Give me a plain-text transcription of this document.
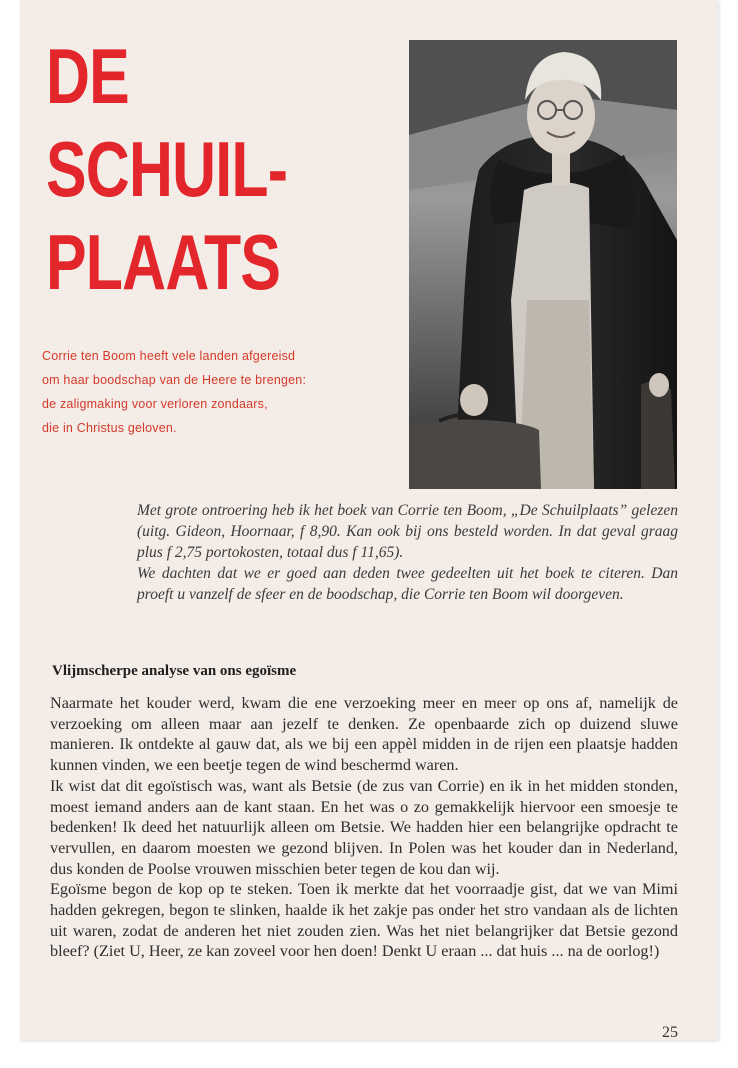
DE
SCHUIL-
PLAATS
Corrie ten Boom heeft vele landen afgereisd
om haar boodschap van de Heere te brengen:
de zaligmaking voor verloren zondaars,
die in Christus geloven.

Met grote ontroering heb ik het boek van Corrie ten Boom, „De Schuilplaats” gelezen (uitg. Gideon, Hoornaar, f 8,90. Kan ook bij ons besteld worden. In dat geval graag plus f 2,75 portokosten, totaal dus f 11,65).

We dachten dat we er goed aan deden twee gedeelten uit het boek te citeren. Dan proeft u vanzelf de sfeer en de boodschap, die Corrie ten Boom wil doorgeven.

Vlijmscherpe analyse van ons egoïsme

Naarmate het kouder werd, kwam die ene verzoeking meer en meer op ons af, namelijk de verzoeking om alleen maar aan jezelf te denken. Ze openbaarde zich op duizend sluwe manieren. Ik ontdekte al gauw dat, als we bij een appèl midden in de rijen een plaatsje hadden kunnen vinden, we een beetje tegen de wind beschermd waren.

Ik wist dat dit egoïstisch was, want als Betsie (de zus van Corrie) en ik in het midden stonden, moest iemand anders aan de kant staan. En het was o zo gemakkelijk hiervoor een smoesje te bedenken! Ik deed het natuurlijk alleen om Betsie. We hadden hier een belangrijke opdracht te vervullen, en daarom moesten we gezond blijven. In Polen was het kouder dan in Nederland, dus konden de Poolse vrouwen misschien beter tegen de kou dan wij.

Egoïsme begon de kop op te steken. Toen ik merkte dat het voorraadje gist, dat we van Mimi hadden gekregen, begon te slinken, haalde ik het zakje pas onder het stro vandaan als de lichten uit waren, zodat de anderen het niet zouden zien. Was het niet belangrijker dat Betsie gezond bleef? (Ziet U, Heer, ze kan zoveel voor hen doen! Denkt U eraan ... dat huis ... na de oorlog!)

25
